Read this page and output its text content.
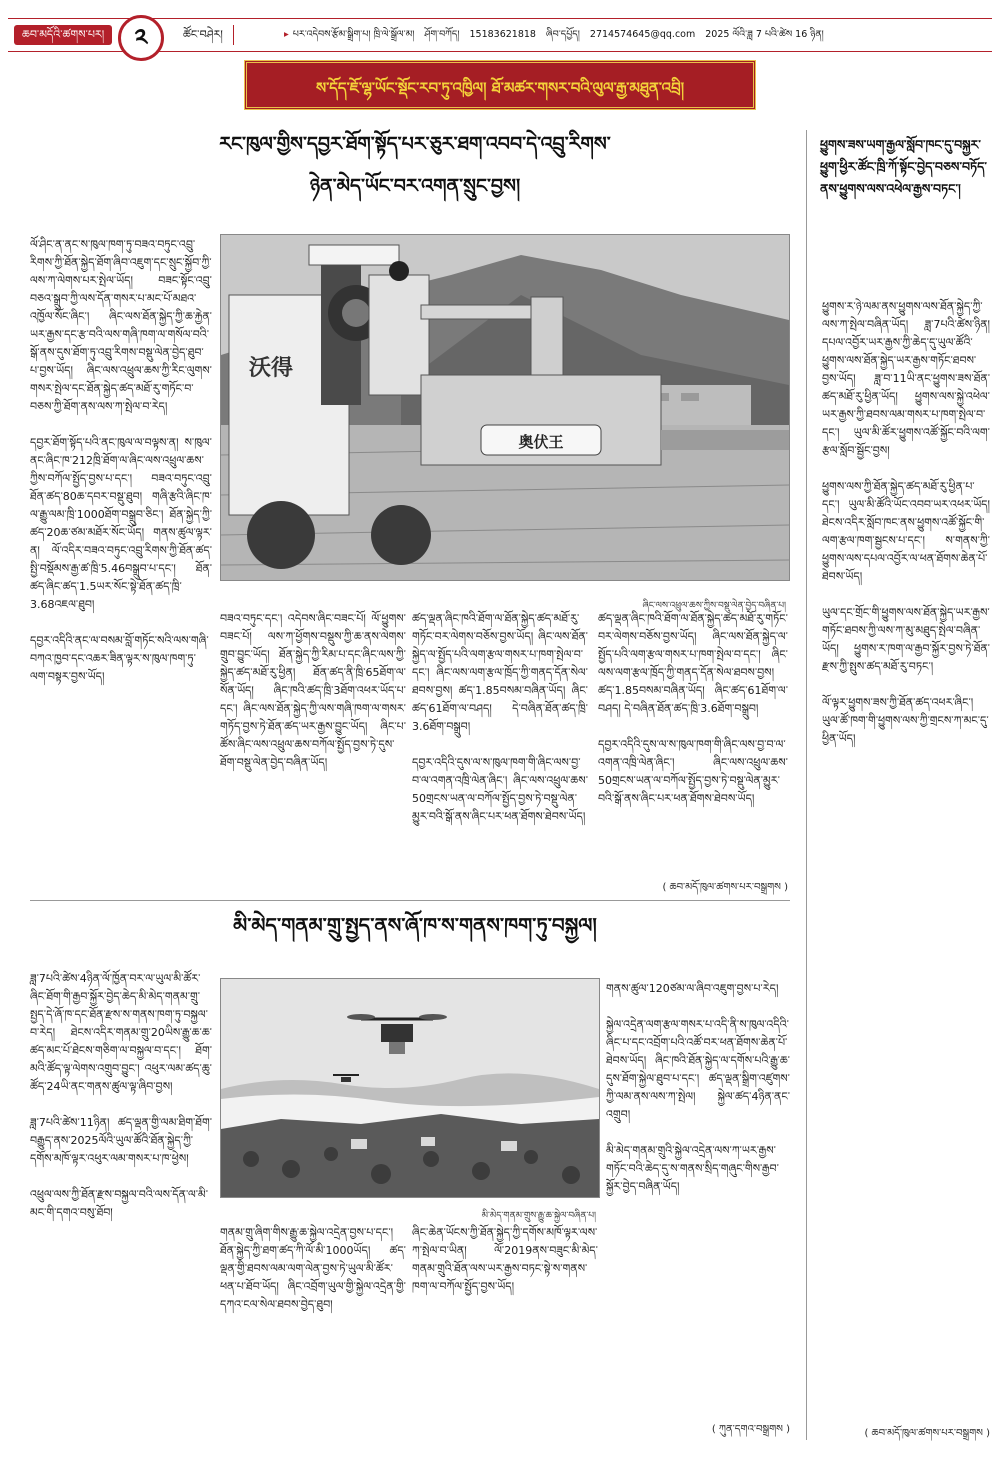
ཆབ་མདོའི་ཚགས་པར།	༢	ཚོང་བཤེར།	▸ པར་འདེབས་རྩོམ་སྒྲིག་པ། ཁྲི་ལེ་སྒྲོལ་མ། ཤོག་བཀོད། 15183621818 ཞིབ་དཔྱོད། 2714574645@qq.com 2025 ལོའི་ཟླ 7 པའི་ཚེས 16 ཉིན།
ས་དོད་ཇོ་ལྷ་ཡོང་སྡོང་རབ་ཏུ་འཁྱིལ། ཐོ་མཚར་གསར་བའི་ལུལ་རྒྱ་མཐུན་འབྲི།
རང་ཁུལ་གྱིས་དབྱར་ཐོག་སྟོད་པར་ཅུར་ཐག་འབབ་དེ་འབྲུ་རིགས་
ཉེན་མེད་ཡོང་བར་འགན་སྲུང་བྱས།
ལོ་ཤིང་ན་ནང་ས་ཁུལ་ཁག་ཏུ་བཟའ་བཏུང་འབྲུ་རིགས་ཀྱི་ཐོན་སྐྱེད་ཐོག་ཞིབ་འཇུག་དང་སྲུང་སྐྱོབ་ཀྱི་ལས་ཀ་ལེགས་པར་སྤེལ་ཡོད། བཟང་སྟོང་འབྲུ་བཅའ་སྒྲུབ་ཀྱི་ལས་དོན་གསར་པ་མང་པོ་མཐའ་འཁྱོལ་སོང་ཞིང་། ཞིང་ལས་ཐོན་སྐྱེད་ཀྱི་ཆ་རྐྱེན་ཡར་རྒྱས་དང་རྩ་བའི་ལས་གཞི་ཁག་ལ་གསོལ་བའི་སྒོ་ནས་དུས་ཐོག་ཏུ་འབྲུ་རིགས་བསྡུ་ལེན་བྱེད་ཐུབ་པ་བྱས་ཡོད། ཞིང་ལས་འཕྲུལ་ཆས་ཀྱི་རིང་ལུགས་གསར་སྤེལ་དང་ཐོན་སྐྱེད་ཚད་མཐོ་རུ་གཏོང་བ་བཅས་ཀྱི་ཐོག་ནས་ལས་ཀ་སྤེལ་བ་རེད།

དབྱར་ཐོག་སྟོད་པའི་ནང་ཁུལ་ལ་བལྟས་ན། ས་ཁུལ་ནང་ཞིང་ཁ་212ཁྲི་ཐོག་ལ་ཞིང་ལས་འཕྲུལ་ཆས་ཀྱིས་བཀོལ་སྤྱོད་བྱས་པ་དང་། བཟའ་བཏུང་འབྲུ་ཐོན་ཚད་80ཆ་དབར་བསྡུ་ཐུབ། གཞི་རྩའི་ཞིང་ཁ་ལ་རྒྱུ་ལམ་ཁྲི་1000ཐོག་བསྒྲུབ་ཅིང་། ཐོན་སྐྱེད་ཀྱི་ཚད་20ཆ་ཙམ་མཐོར་སོང་ཡོད། གནས་ཚུལ་ལྟར་ན། ལོ་འདིར་བཟའ་བཏུང་འབྲུ་རིགས་ཀྱི་ཐོན་ཚད་སྤྱི་བསྡོམས་རྒྱ་ཚ་ཁྲི་5.46བསྒྲུབ་པ་དང་། ཐོན་ཚད་ཞིང་ཚད་1.5ཡར་སོང་སྟེ་ཐོན་ཚད་ཁྲི་3.68འཇལ་ཐུབ།

དབྱར་འདིའི་ནང་ལ་བསམ་བློ་གཏོང་སའི་ལས་གཞི་བཀའ་ཁྱབ་དང་འཆར་ཟིན་ལྟར་ས་ཁུལ་ཁག་ཏུ་ལག་བསྟར་བྱས་ཡོད།
奥伏王
沃得
ཞིང་ལས་འཕྲུལ་ཆས་ཀྱིས་བསྡུ་ལེན་བྱེད་བཞིན་པ།
བཟའ་བཏུང་དང་། འདེབས་ཞིང་བཟང་པོ། ལོ་ཕྱུགས་བཟང་པོ། ལས་ཀ་ཕྱོགས་བསྡུས་ཀྱི་ཆ་ནས་ལེགས་གྲུབ་བྱུང་ཡོད། ཐོན་སྐྱེད་ཀྱི་རིམ་པ་དང་ཞིང་ལས་ཀྱི་སྐྱེད་ཚད་མཐོ་རུ་ཕྱིན། ཐོན་ཚད་ནི་ཁྲི་65ཐོག་ལ་སོན་ཡོད། ཞིང་ཁའི་ཚད་ཁྲི་3ཐོག་འཕར་ཡོད་པ་དང་། ཞིང་ལས་ཐོན་སྐྱེད་ཀྱི་ལས་གཞི་ཁག་ལ་གསར་གཏོད་བྱས་ཏེ་ཐོན་ཚད་ཡར་རྒྱས་བྱུང་ཡོད། ཞིང་པ་ཚོས་ཞིང་ལས་འཕྲུལ་ཆས་བཀོལ་སྤྱོད་བྱས་ཏེ་དུས་ཐོག་བསྡུ་ལེན་བྱེད་བཞིན་ཡོད།
ཚད་ལྡན་ཞིང་ཁའི་ཐོག་ལ་ཐོན་སྐྱེད་ཚད་མཐོ་རུ་གཏོང་བར་ལེགས་བཅོས་བྱས་ཡོད། ཞིང་ལས་ཐོན་སྐྱེད་ལ་སྤྱོད་པའི་ལག་རྩལ་གསར་པ་ཁག་སྤེལ་བ་དང་། ཞིང་ལས་ལག་རྩལ་ཁྲོད་ཀྱི་གནད་དོན་སེལ་ཐབས་བྱས། ཚད་1.85བསམ་བཞིན་ཡོད། ཞིང་ཚད་61ཐོག་ལ་བཤད། དེ་བཞིན་ཐོན་ཚད་ཁྲི་3.6ཐོག་བསྒྲུབ།

དབྱར་འདིའི་དུས་ལ་ས་ཁུལ་ཁག་གི་ཞིང་ལས་བྱ་བ་ལ་འགན་འཁྲི་ལེན་ཞིང་། ཞིང་ལས་འཕྲུལ་ཆས་50གྲངས་ཡན་ལ་བཀོལ་སྤྱོད་བྱས་ཏེ་བསྡུ་ལེན་མྱུར་བའི་སྒོ་ནས་ཞིང་པར་ཕན་ཐོགས་ཐེབས་ཡོད།
ཚད་ལྡན་ཞིང་ཁའི་ཐོག་ལ་ཐོན་སྐྱེད་ཚད་མཐོ་རུ་གཏོང་བར་ལེགས་བཅོས་བྱས་ཡོད། ཞིང་ལས་ཐོན་སྐྱེད་ལ་སྤྱོད་པའི་ལག་རྩལ་གསར་པ་ཁག་སྤེལ་བ་དང་། ཞིང་ལས་ལག་རྩལ་ཁྲོད་ཀྱི་གནད་དོན་སེལ་ཐབས་བྱས། ཚད་1.85བསམ་བཞིན་ཡོད། ཞིང་ཚད་61ཐོག་ལ་བཤད། དེ་བཞིན་ཐོན་ཚད་ཁྲི་3.6ཐོག་བསྒྲུབ།

དབྱར་འདིའི་དུས་ལ་ས་ཁུལ་ཁག་གི་ཞིང་ལས་བྱ་བ་ལ་འགན་འཁྲི་ལེན་ཞིང་། ཞིང་ལས་འཕྲུལ་ཆས་50གྲངས་ཡན་ལ་བཀོལ་སྤྱོད་བྱས་ཏེ་བསྡུ་ལེན་མྱུར་བའི་སྒོ་ནས་ཞིང་པར་ཕན་ཐོགས་ཐེབས་ཡོད།
( ཆབ་མདོ་ཁུལ་ཚགས་པར་བསྒྲགས )
མི་མེད་གནམ་གྲུ་སྤྱད་ནས་ཞོ་ཁ་ས་གནས་ཁག་ཏུ་བསྐྱལ།
ཟླ་7པའི་ཚེས་4ཉིན་ལོ་ཁྱོན་བར་ལ་ཡུལ་མི་ཚོར་ཞིང་ཐོག་གི་རྒྱབ་སྐྱོར་བྱེད་ཆེད་མི་མེད་གནམ་གྲུ་སྤྱད་དེ་ཞོ་ཁ་དང་ཐོན་རྫས་ས་གནས་ཁག་ཏུ་བསྐྱལ་བ་རེད། ཐེངས་འདིར་གནམ་གྲུ་20ཡིས་རྒྱུ་ཆ་ཆ་ཚད་མང་པོ་ཐེངས་གཅིག་ལ་བསྐྱལ་བ་དང་། ཐོག་མའི་ཚོད་ལྟ་ལེགས་འགྲུབ་བྱུང་། འཕུར་ལམ་ཚད་ཆུ་ཚོད་24ཡི་ནང་གནས་ཚུལ་ལྟ་ཞིབ་བྱས།

ཟླ་7པའི་ཚེས་11ཉིན། ཚད་ལྡན་གྱི་ལམ་ཐིག་ཐོག་བརྒྱུད་ནས་2025ལོའི་ཡུལ་ཚོའི་ཐོན་སྐྱེད་ཀྱི་དགོས་མཁོ་ལྟར་འཕུར་ལམ་གསར་པ་ཁ་ཕྱེས།

འཕྲུལ་ལས་ཀྱི་ཐོན་རྫས་བསྐྱལ་བའི་ལས་དོན་ལ་མི་མང་གི་དགའ་བསུ་ཐོབ།	མི་མེད་གནམ་གྲུས་རྒྱུ་ཆ་སྐྱེལ་བཞིན་པ།
གནམ་གྲུ་ཞིག་གིས་རྒྱུ་ཆ་སྐྱེལ་འདྲེན་བྱས་པ་དང་། ཐོན་སྐྱེད་ཀྱི་ཐག་ཚད་ཀི་ལོ་མི་1000ཡོད། ཚད་ལྡན་གྱི་ཐབས་ལམ་ལག་ལེན་བྱས་ཏེ་ཡུལ་མི་ཚོར་ཕན་པ་ཐོབ་ཡོད། ཞིང་འབྲོག་ཡུལ་གྱི་སྐྱེལ་འདྲེན་གྱི་དཀའ་ངལ་སེལ་ཐབས་བྱེད་ཐུབ།
ཞིང་ཆེན་ཡོངས་ཀྱི་ཐོན་སྐྱེད་ཀྱི་དགོས་མཁོ་ལྟར་ལས་ཀ་སྤེལ་བ་ཡིན། ལོ་2019ནས་བཟུང་མི་མེད་གནམ་གྲུའི་ཐོན་ལས་ཡར་རྒྱས་བཏང་སྟེ་ས་གནས་ཁག་ལ་བཀོལ་སྤྱོད་བྱས་ཡོད།
གནས་ཚུལ་120ཙམ་ལ་ཞིབ་འཇུག་བྱས་པ་རེད།

སྐྱེལ་འདྲེན་ལག་རྩལ་གསར་པ་འདི་ནི་ས་ཁུལ་འདིའི་ཞིང་པ་དང་འབྲོག་པའི་འཚོ་བར་ཕན་ཐོགས་ཆེན་པོ་ཐེབས་ཡོད། ཞིང་ཁའི་ཐོན་སྐྱེད་ལ་དགོས་པའི་རྒྱུ་ཆ་དུས་ཐོག་སྐྱེལ་ཐུབ་པ་དང་། ཚད་ལྡན་སྒྲིག་འཛུགས་ཀྱི་ལམ་ནས་ལས་ཀ་སྤེལ། སྐྱེལ་ཚད་4ཉིན་ནང་འགྲུབ།

མི་མེད་གནམ་གྲུའི་སྐྱེལ་འདྲེན་ལས་ཀ་ཡར་རྒྱས་གཏོང་བའི་ཆེད་དུ་ས་གནས་སྲིད་གཞུང་གིས་རྒྱབ་སྐྱོར་བྱེད་བཞིན་ཡོད།
( ཀུན་དགའ་བསྒྲགས )
ཕྱུགས་ཟས་ཡག་རྒྱལ་སློབ་ཁང་དུ་བསྐྱར་ཕྱུག་ཕྱིར་ཚོང་ཁྲི་ཀོ་སྟོང་བྱེད་བཅས་བཏོད་ནས་ཕྱུགས་ལས་འཕེལ་རྒྱས་བཏང་།
ཕྱུགས་ར་ཉེ་ལམ་ནས་ཕྱུགས་ལས་ཐོན་སྐྱེད་ཀྱི་ལས་ཀ་སྤེལ་བཞིན་ཡོད། ཟླ་7པའི་ཚེས་ཉིན། དཔལ་འབྱོར་ཡར་རྒྱས་ཀྱི་ཆེད་དུ་ཡུལ་ཚོའི་ཕྱུགས་ལས་ཐོན་སྐྱེད་ཡར་རྒྱས་གཏོང་ཐབས་བྱས་ཡོད། ཟླ་བ་11ཡི་ནང་ཕྱུགས་ཟས་ཐོན་ཚད་མཐོ་རུ་ཕྱིན་ཡོད། ཕྱུགས་ལས་སྐྱེ་འཕེལ་ཡར་རྒྱས་ཀྱི་ཐབས་ལམ་གསར་པ་ཁག་སྤེལ་བ་དང་། ཡུལ་མི་ཚོར་ཕྱུགས་འཚོ་སྐྱོང་བའི་ལག་རྩལ་སློབ་སྦྱོང་བྱས།

ཕྱུགས་ལས་ཀྱི་ཐོན་སྐྱེད་ཚད་མཐོ་རུ་ཕྱིན་པ་དང་། ཡུལ་མི་ཚོའི་ཡོང་འབབ་ཡར་འཕར་ཡོད། ཐེངས་འདིར་སློབ་ཁང་ནས་ཕྱུགས་འཚོ་སྐྱོང་གི་ལག་རྩལ་ཁག་སྦྱངས་པ་དང་། ས་གནས་ཀྱི་ཕྱུགས་ལས་དཔལ་འབྱོར་ལ་ཕན་ཐོགས་ཆེན་པོ་ཐེབས་ཡོད།

ཡུལ་དང་གྲོང་གི་ཕྱུགས་ལས་ཐོན་སྐྱེད་ཡར་རྒྱས་གཏོང་ཐབས་ཀྱི་ལས་ཀ་མུ་མཐུད་སྤེལ་བཞིན་ཡོད། ཕྱུགས་ར་ཁག་ལ་རྒྱབ་སྐྱོར་བྱས་ཏེ་ཐོན་རྫས་ཀྱི་སྤུས་ཚད་མཐོ་རུ་བཏང་།

ལོ་ལྟར་ཕྱུགས་ཟས་ཀྱི་ཐོན་ཚད་འཕར་ཞིང་། ཡུལ་ཚོ་ཁག་གི་ཕྱུགས་ལས་ཀྱི་གྲངས་ཀ་མང་དུ་ཕྱིན་ཡོད།
( ཆབ་མདོ་ཁུལ་ཚགས་པར་བསྒྲགས )
